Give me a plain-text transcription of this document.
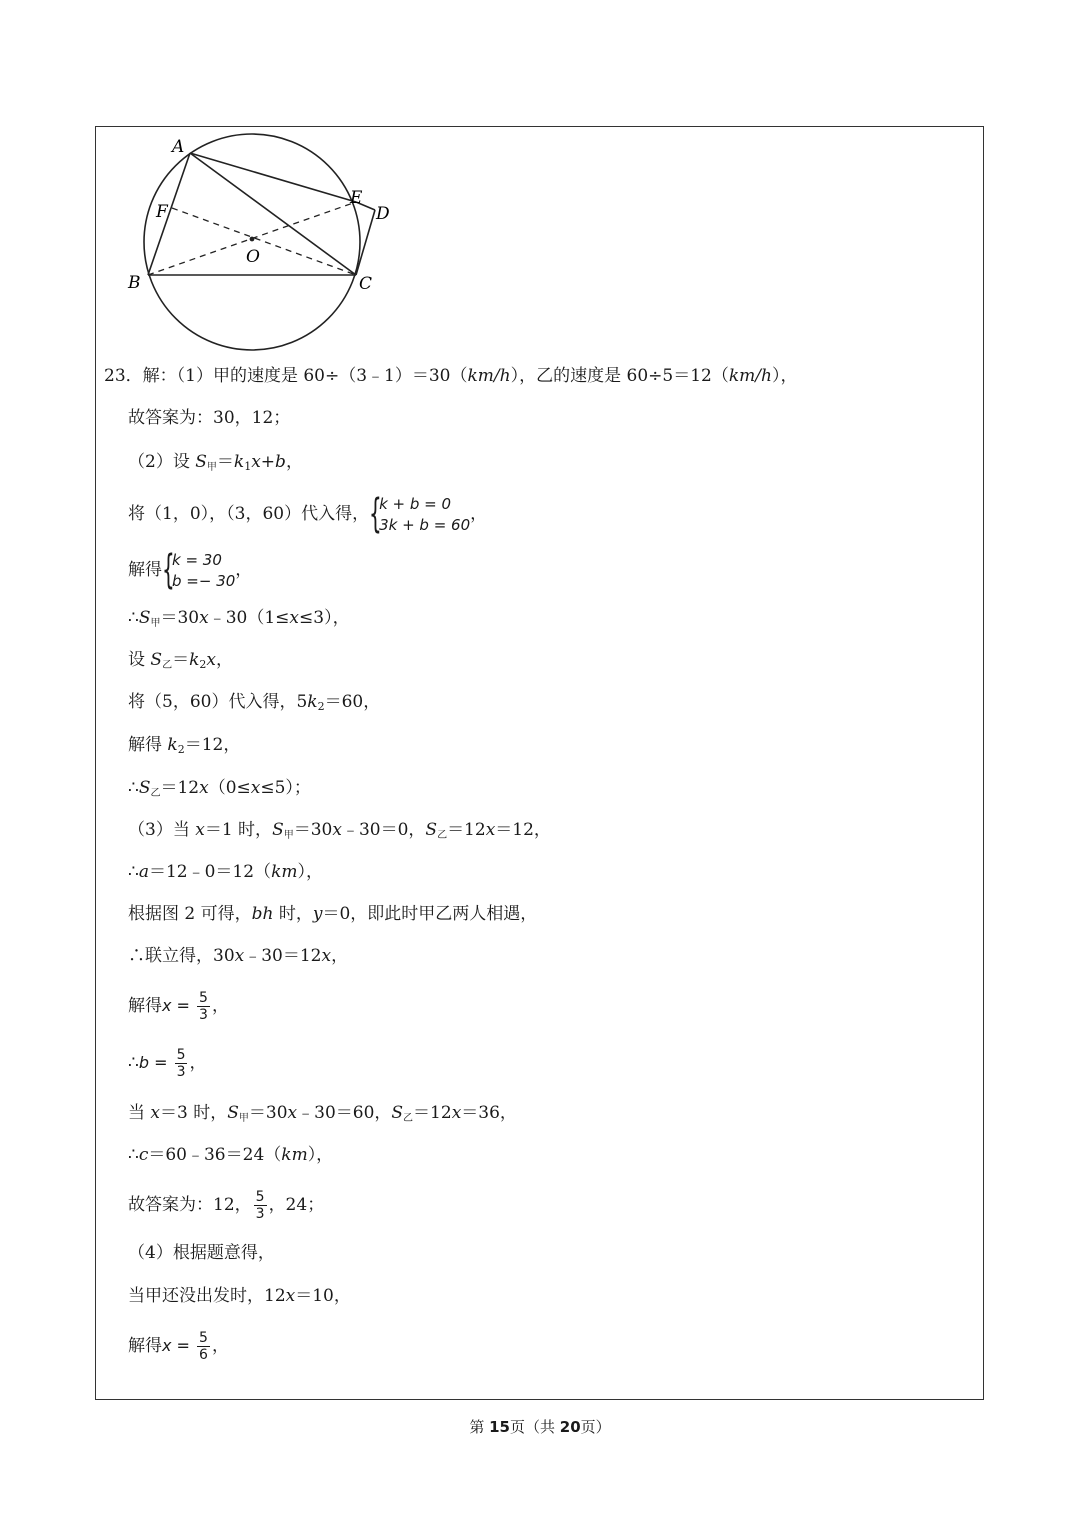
A
B	C
D
E
F
O
23．解：（1）甲的速度是 60÷（3﹣1）＝30（km/h），乙的速度是 60÷5＝12（km/h），
故答案为：30，12；
（2）设 $S_甲=k_1x+b$，
将（1，0），（3，60）代入得， {
k + b = 0
3k + b = 60
，
解得 {
k = 30
b =− 30
，
$\therefore S_甲=30x﹣30(1\le x\le 3)$，
设 $S_乙=k_2x$，
将（5，60）代入得，$5k_2=60$，
解得 $k_2=12$，
$\therefore S_乙=12x(0\le x\le 5)$；
（3）当 x＝1 时，$S_甲=30x﹣30=0$，$S_乙=12x=12$，
∴a＝12﹣0＝12（km），
根据图 2 可得，bh 时，y＝0，即此时甲乙两人相遇，
∴联立得，30x﹣30＝12x，
解得$x = \frac{5}{3}$ ，
∴b = $\frac{5}{3}$ ，
当 x＝3 时，$S_甲=30x﹣30=60$，$S_乙=12x=36$，
∴c＝60﹣36＝24（km），
故答案为：12， $\frac{5}{3}$ ，24；
（4）根据题意得，
当甲还没出发时，12x＝10，
解得$x = \frac{5}{6}$ ，
第 15页（共 20页）
